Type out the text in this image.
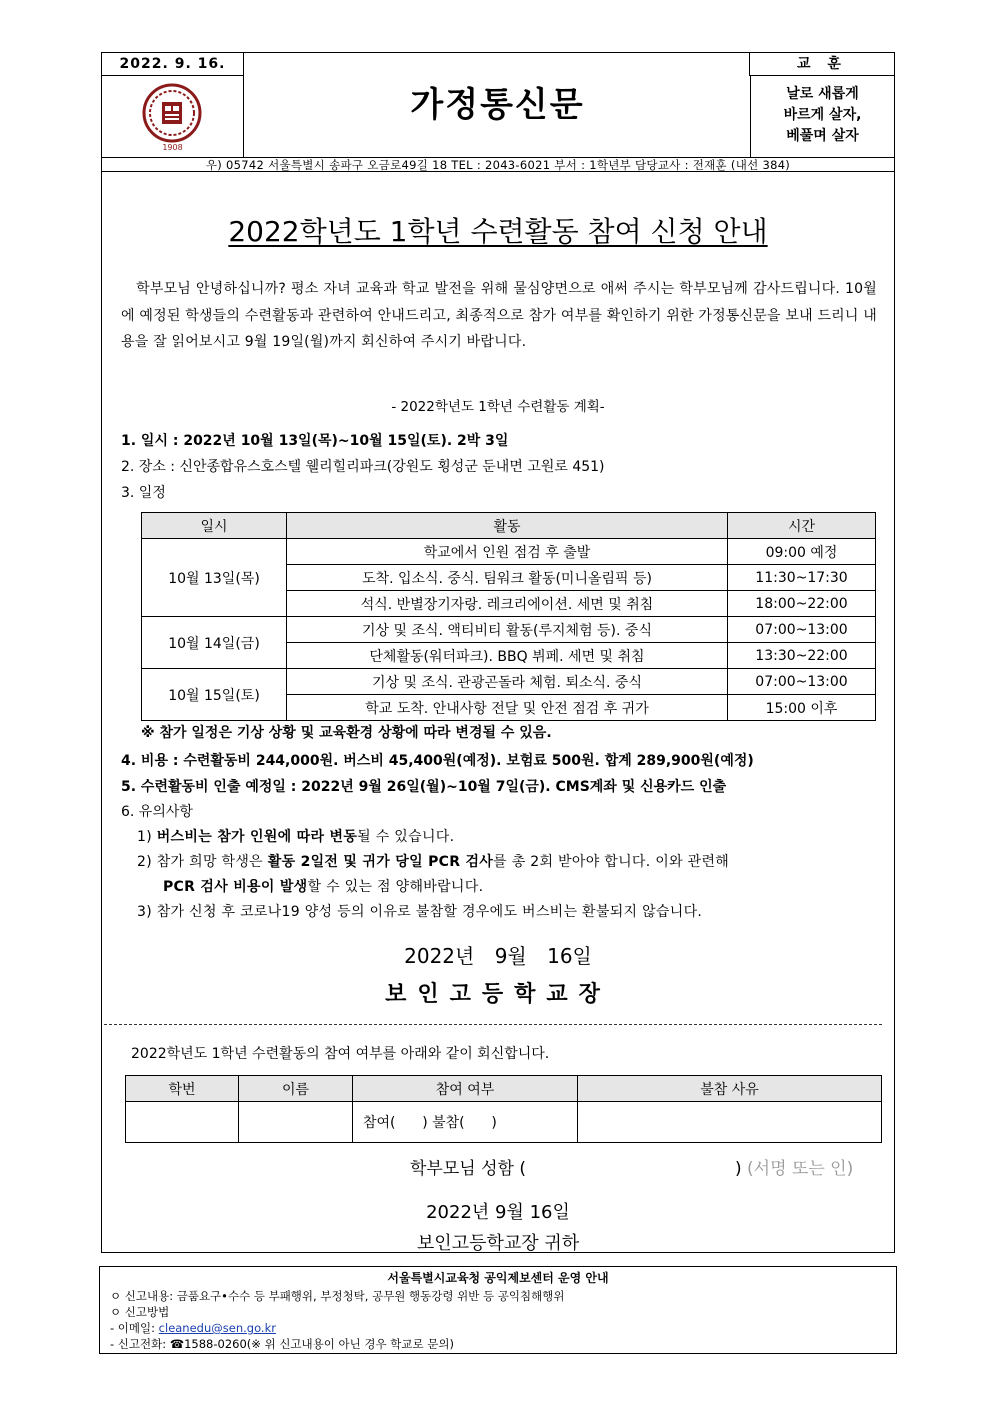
2022. 9. 16.
1908
가정통신문
교 훈
날로 새롭게
바르게 살자,
베풀며 살자
우) 05742 서울특별시 송파구 오금로49길 18 TEL : 2043-6021 부서 : 1학년부 담당교사 : 전재훈 (내선 384)
2022학년도 1학년 수련활동 참여 신청 안내
학부모님 안녕하십니까? 평소 자녀 교육과 학교 발전을 위해 물심양면으로 애써 주시는 학부모님께 감사드립니다. 10월에 예정된 학생들의 수련활동과 관련하여 안내드리고, 최종적으로 참가 여부를 확인하기 위한 가정통신문을 보내 드리니 내용을 잘 읽어보시고 9월 19일(월)까지 회신하여 주시기 바랍니다.
- 2022학년도 1학년 수련활동 계획-
1. 일시 : 2022년 10월 13일(목)~10월 15일(토). 2박 3일
2. 장소 : 신안종합유스호스텔 웰리힐리파크(강원도 횡성군 둔내면 고원로 451)
3. 일정
일시	활동	시간
10월 13일(목)	학교에서 인원 점검 후 출발	09:00 예정
	도착. 입소식. 중식. 팀워크 활동(미니올림픽 등)	11:30~17:30
	석식. 반별장기자랑. 레크리에이션. 세면 및 취침	18:00~22:00
10월 14일(금)	기상 및 조식. 액티비티 활동(루지체험 등). 중식	07:00~13:00
	단체활동(워터파크). BBQ 뷔페. 세면 및 취침	13:30~22:00
10월 15일(토)	기상 및 조식. 관광곤돌라 체험. 퇴소식. 중식	07:00~13:00
	학교 도착. 안내사항 전달 및 안전 점검 후 귀가	15:00 이후
※ 참가 일정은 기상 상황 및 교육환경 상황에 따라 변경될 수 있음.
4. 비용 : 수련활동비 244,000원. 버스비 45,400원(예정). 보험료 500원. 합계 289,900원(예정)
5. 수련활동비 인출 예정일 : 2022년 9월 26일(월)~10월 7일(금). CMS계좌 및 신용카드 인출
6. 유의사항
1) 버스비는 참가 인원에 따라 변동될 수 있습니다.
2) 참가 희망 학생은 활동 2일전 및 귀가 당일 PCR 검사를 총 2회 받아야 합니다. 이와 관련해
PCR 검사 비용이 발생할 수 있는 점 양해바랍니다.
3) 참가 신청 후 코로나19 양성 등의 이유로 불참할 경우에도 버스비는 환불되지 않습니다.
2022년 9월 16일
보인고등학교장
2022학년도 1학년 수련활동의 참여 여부를 아래와 같이 회신합니다.
학번	이름	참여 여부	불참 사유
		참여(      ) 불참(      )	
학부모님 성함 (	) (서명 또는 인)
2022년 9월 16일
보인고등학교장 귀하
서울특별시교육청 공익제보센터 운영 안내
ㅇ 신고내용: 금품요구•수수 등 부패행위, 부정청탁, 공무원 행동강령 위반 등 공익침해행위
ㅇ 신고방법
- 이메일: cleanedu@sen.go.kr
- 신고전화: ☎1588-0260(※ 위 신고내용이 아닌 경우 학교로 문의)
